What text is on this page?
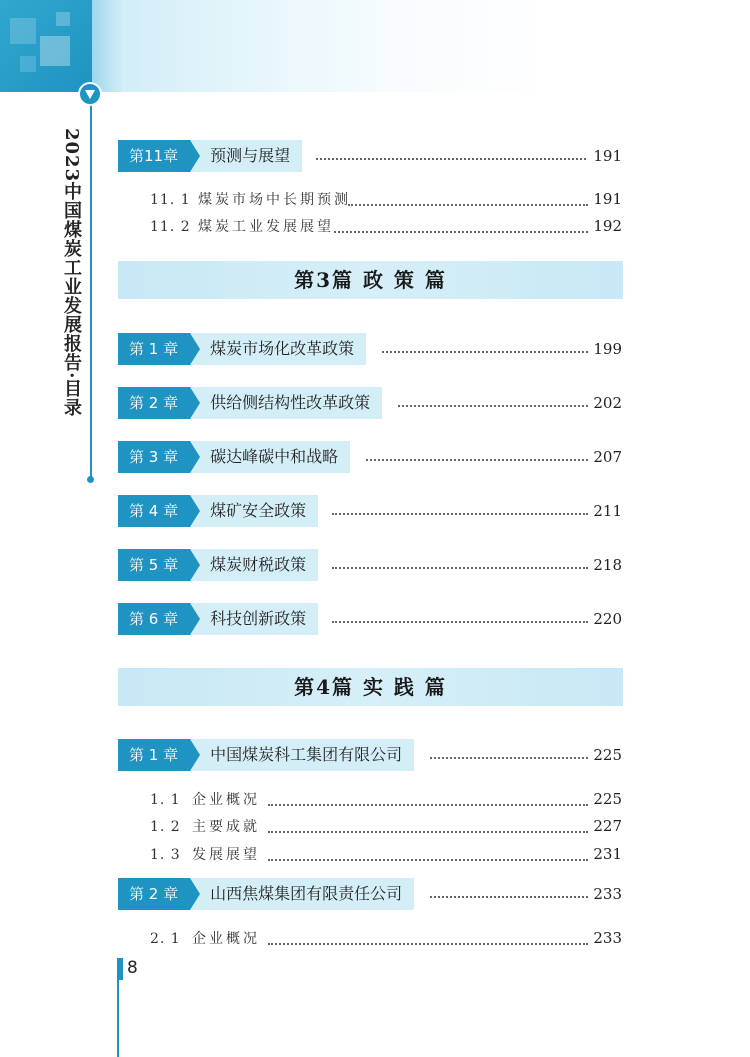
2023中国煤炭工业发展报告·目录	第11章	预测与展望	191
11. 1 煤炭市场中长期预测	191
11. 2 煤炭工业发展展望	192
第3篇 政 策 篇
第 1 章	煤炭市场化改革政策	199
第 2 章	供给侧结构性改革政策	202
第 3 章	碳达峰碳中和战略	207
第 4 章	煤矿安全政策	211
第 5 章	煤炭财税政策	218
第 6 章	科技创新政策	220
第4篇 实 践 篇
第 1 章	中国煤炭科工集团有限公司	225
1. 1 企业概况	225
1. 2 主要成就	227
1. 3 发展展望	231
第 2 章	山西焦煤集团有限责任公司	233
2. 1 企业概况	233
8
